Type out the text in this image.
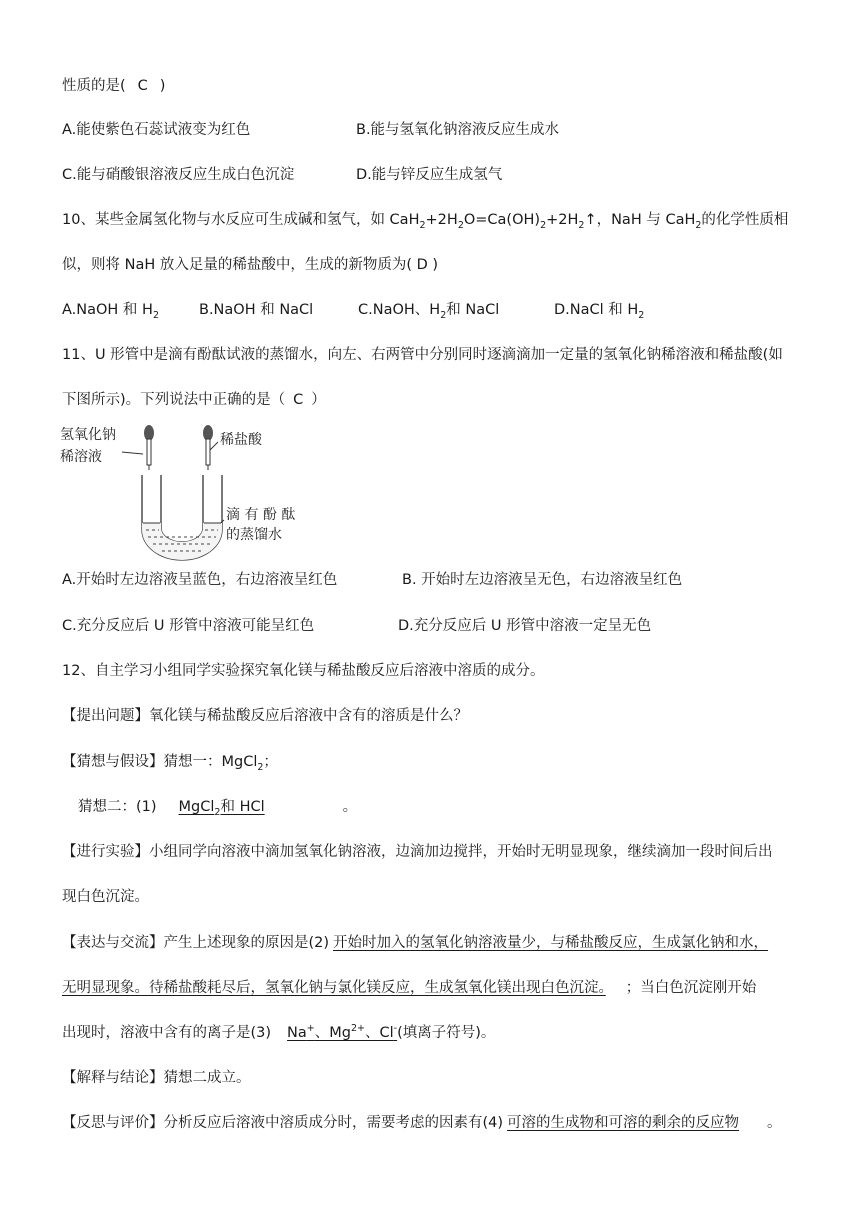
性质的是( C )
A.能使紫色石蕊试液变为红色	B.能与氢氧化钠溶液反应生成水
C.能与硝酸银溶液反应生成白色沉淀	D.能与锌反应生成氢气
10、某些金属氢化物与水反应可生成碱和氢气，如 $CaH_2+2H_2O=Ca(OH)_2+2H_2↑$，NaH 与 CaH$_2$的化学性质相
似，则将 NaH 放入足量的稀盐酸中，生成的新物质为( D )
A.NaOH 和 $H_2$	B.NaOH 和 NaCl	C.NaOH、$H_2$和 NaCl	D.NaCl 和 $H_2$
11、U 形管中是滴有酚酞试液的蒸馏水，向左、右两管中分别同时逐滴滴加一定量的氢氧化钠稀溶液和稀盐酸(如
下图所示)。下列说法中正确的是（ C ）
氢氧化钠
稀溶液
稀盐酸
滴 有 酚 酞
的蒸馏水
A.开始时左边溶液呈蓝色，右边溶液呈红色	B. 开始时左边溶液呈无色，右边溶液呈红色
C.充分反应后 U 形管中溶液可能呈红色	D.充分反应后 U 形管中溶液一定呈无色
12、自主学习小组同学实验探究氧化镁与稀盐酸反应后溶液中溶质的成分。
【提出问题】氧化镁与稀盐酸反应后溶液中含有的溶质是什么？
【猜想与假设】猜想一：MgCl$_2$；
猜想二：(1) MgCl$_2$和 HCl	。
【进行实验】小组同学向溶液中滴加氢氧化钠溶液，边滴加边搅拌，开始时无明显现象，继续滴加一段时间后出
现白色沉淀。
【表达与交流】产生上述现象的原因是(2) 开始时加入的氢氧化钠溶液量少，与稀盐酸反应，生成氯化钠和水，
无明显现象。待稀盐酸耗尽后，氢氧化钠与氯化镁反应，生成氢氧化镁出现白色沉淀。 ；当白色沉淀刚开始
出现时，溶液中含有的离子是(3) Na+、$Mg^{2+}$、Cl-(填离子符号)。
【解释与结论】猜想二成立。
【反思与评价】分析反应后溶液中溶质成分时，需要考虑的因素有(4) 可溶的生成物和可溶的剩余的反应物 。
